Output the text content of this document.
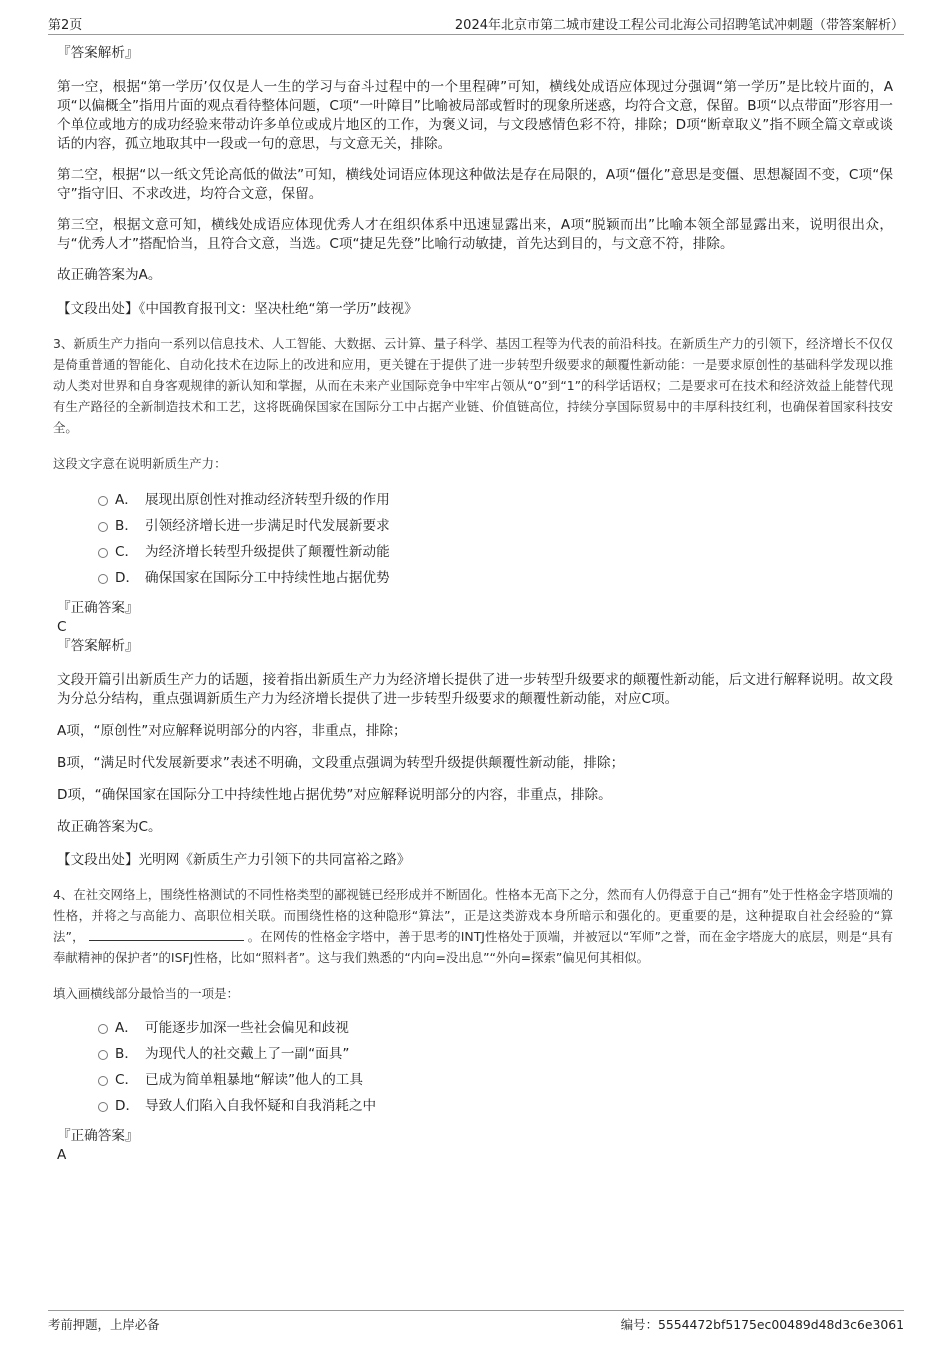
第2页	2024年北京市第二城市建设工程公司北海公司招聘笔试冲刺题（带答案解析）
『答案解析』

第一空，根据“第一学历’仅仅是人一生的学习与奋斗过程中的一个里程碑”可知，横线处成语应体现过分强调“第一学历”是比较片面的，A项“以偏概全”指用片面的观点看待整体问题，C项“一叶障目”比喻被局部或暂时的现象所迷惑，均符合文意，保留。B项“以点带面”形容用一个单位或地方的成功经验来带动许多单位或成片地区的工作，为褒义词，与文段感情色彩不符，排除；D项“断章取义”指不顾全篇文章或谈话的内容，孤立地取其中一段或一句的意思，与文意无关，排除。

第二空，根据“以一纸文凭论高低的做法”可知，横线处词语应体现这种做法是存在局限的，A项“僵化”意思是变僵、思想凝固不变，C项“保守”指守旧、不求改进，均符合文意，保留。

第三空，根据文意可知，横线处成语应体现优秀人才在组织体系中迅速显露出来，A项“脱颖而出”比喻本领全部显露出来，说明很出众，与“优秀人才”搭配恰当，且符合文意，当选。C项“捷足先登”比喻行动敏捷，首先达到目的，与文意不符，排除。

故正确答案为A。

【文段出处】《中国教育报刊文：坚决杜绝“第一学历”歧视》

3、新质生产力指向一系列以信息技术、人工智能、大数据、云计算、量子科学、基因工程等为代表的前沿科技。在新质生产力的引领下，经济增长不仅仅是倚重普通的智能化、自动化技术在边际上的改进和应用，更关键在于提供了进一步转型升级要求的颠覆性新动能：一是要求原创性的基础科学发现以推动人类对世界和自身客观规律的新认知和掌握，从而在未来产业国际竞争中牢牢占领从“0”到“1”的科学话语权；二是要求可在技术和经济效益上能替代现有生产路径的全新制造技术和工艺，这将既确保国家在国际分工中占据产业链、价值链高位，持续分享国际贸易中的丰厚科技红利，也确保着国家科技安全。

这段文字意在说明新质生产力：

A． 展现出原创性对推动经济转型升级的作用
B． 引领经济增长进一步满足时代发展新要求
C． 为经济增长转型升级提供了颠覆性新动能
D． 确保国家在国际分工中持续性地占据优势
『正确答案』
C
『答案解析』

文段开篇引出新质生产力的话题，接着指出新质生产力为经济增长提供了进一步转型升级要求的颠覆性新动能，后文进行解释说明。故文段为分总分结构，重点强调新质生产力为经济增长提供了进一步转型升级要求的颠覆性新动能，对应C项。

A项，“原创性”对应解释说明部分的内容，非重点，排除；

B项，“满足时代发展新要求”表述不明确，文段重点强调为转型升级提供颠覆性新动能，排除；

D项，“确保国家在国际分工中持续性地占据优势”对应解释说明部分的内容，非重点，排除。

故正确答案为C。

【文段出处】光明网《新质生产力引领下的共同富裕之路》

4、在社交网络上，围绕性格测试的不同性格类型的鄙视链已经形成并不断固化。性格本无高下之分，然而有人仍得意于自己“拥有”处于性格金字塔顶端的性格，并将之与高能力、高职位相关联。而围绕性格的这种隐形“算法”，正是这类游戏本身所暗示和强化的。更重要的是，这种提取自社会经验的“算法”，	。在网传的性格金字塔中，善于思考的INTJ性格处于顶端，并被冠以“军师”之誉，而在金字塔庞大的底层，则是“具有奉献精神的保护者”的ISFJ性格，比如“照料者”。这与我们熟悉的“内向=没出息”“外向=探索”偏见何其相似。

填入画横线部分最恰当的一项是：

A． 可能逐步加深一些社会偏见和歧视
B． 为现代人的社交戴上了一副“面具”
C． 已成为简单粗暴地“解读”他人的工具
D． 导致人们陷入自我怀疑和自我消耗之中
『正确答案』
A
考前押题，上岸必备	编号：5554472bf5175ec00489d48d3c6e3061
